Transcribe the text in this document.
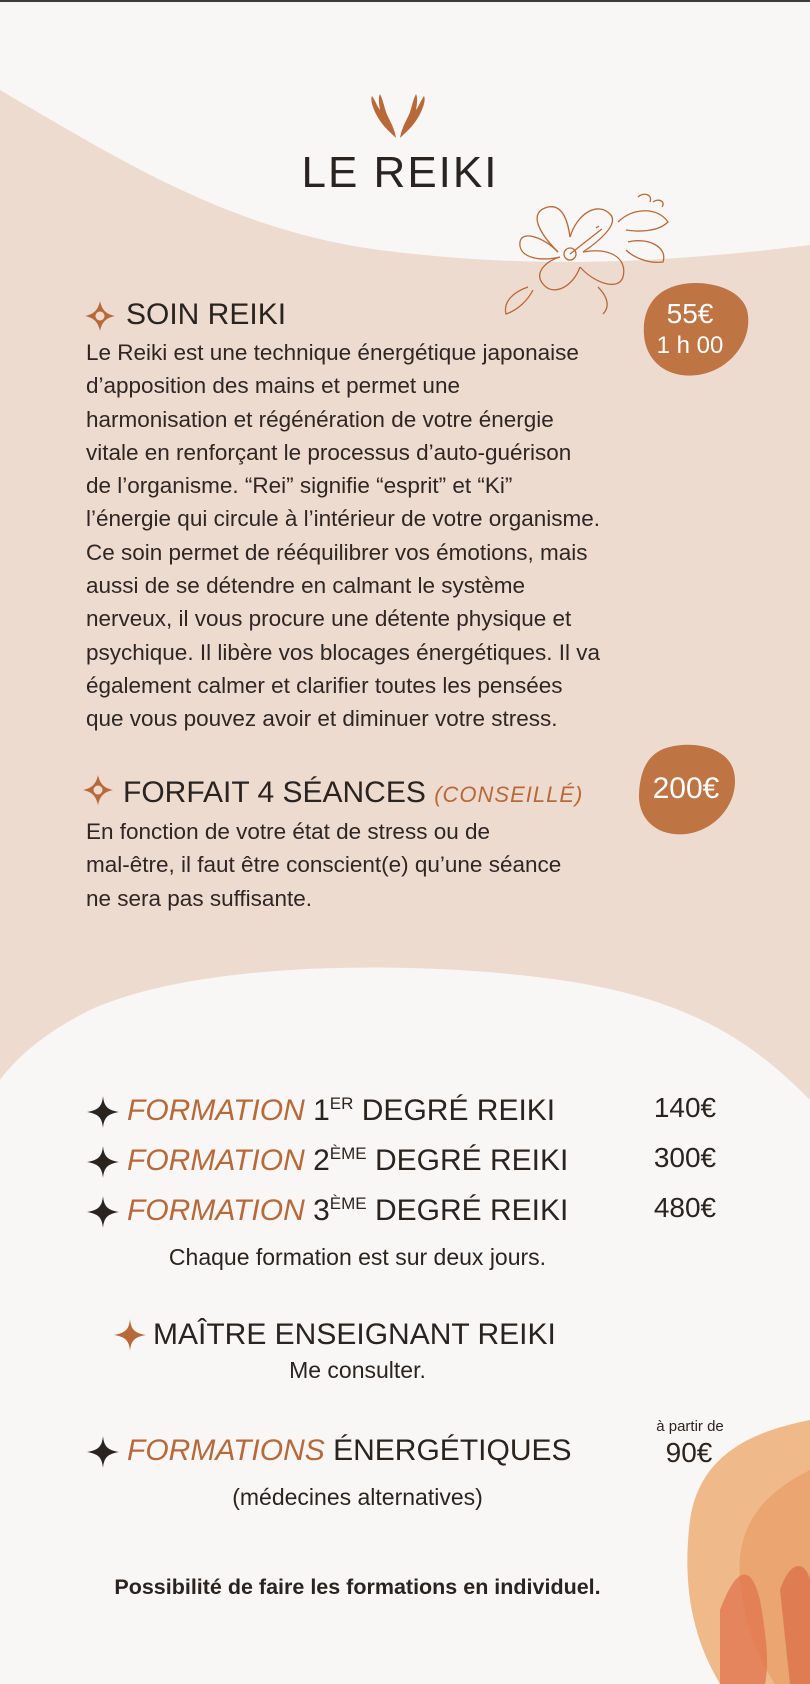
LE REIKI
SOIN REIKI	55€
1 h 00
Le Reiki est une technique énergétique japonaise
d’apposition des mains et permet une
harmonisation et régénération de votre énergie
vitale en renforçant le processus d’auto-guérison
de l’organisme. “Rei” signifie “esprit” et “Ki”
l’énergie qui circule à l’intérieur de votre organisme.
Ce soin permet de rééquilibrer vos émotions, mais
aussi de se détendre en calmant le système
nerveux, il vous procure une détente physique et
psychique. Il libère vos blocages énergétiques. Il va
également calmer et clarifier toutes les pensées
que vous pouvez avoir et diminuer votre stress.
FORFAIT 4 SÉANCES (CONSEILLÉ)	200€
En fonction de votre état de stress ou de
mal-être, il faut être conscient(e) qu’une séance
ne sera pas suffisante.
FORMATION 1ER DEGRÉ REIKI	140€
FORMATION 2ÈME DEGRÉ REIKI	300€
FORMATION 3ÈME DEGRÉ REIKI	480€
Chaque formation est sur deux jours.
MAÎTRE ENSEIGNANT REIKI
Me consulter.
FORMATIONS ÉNERGÉTIQUES
à partir de
90€
(médecines alternatives)
Possibilité de faire les formations en individuel.
